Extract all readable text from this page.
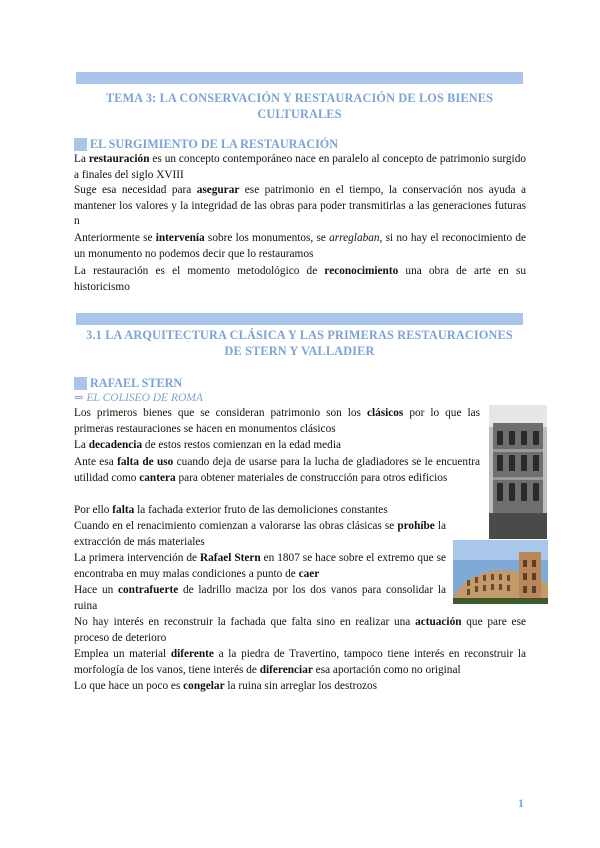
TEMA 3: LA CONSERVACIÓN Y RESTAURACIÓN DE LOS BIENES CULTURALES
EL SURGIMIENTO DE LA RESTAURACIÓN
La restauración es un concepto contemporáneo nace en paralelo al concepto de patrimonio surgido a finales del siglo XVIII
Suge esa necesidad para asegurar ese patrimonio en el tiempo, la conservación nos ayuda a mantener los valores y la integridad de las obras para poder transmitirlas a las generaciones futuras n
Anteriormente se intervenía sobre los monumentos, se arreglaban, si no hay el reconocimiento de un monumento no podemos decir que lo restauramos
La restauración es el momento metodológico de reconocimiento una obra de arte en su historicismo
3.1 LA ARQUITECTURA CLÁSICA Y LAS PRIMERAS RESTAURACIONES DE STERN Y VALLADIER
RAFAEL STERN
⇒ EL COLISEO DE ROMA
Los primeros bienes que se consideran patrimonio son los clásicos por lo que las primeras restauraciones se hacen en monumentos clásicos
La decadencia de estos restos comienzan en la edad media
Ante esa falta de uso cuando deja de usarse para la lucha de gladiadores se le encuentra utilidad como cantera para obtener materiales de construcción para otros edificios
Por ello falta la fachada exterior fruto de las demoliciones constantes
Cuando en el renacimiento comienzan a valorarse las obras clásicas se prohíbe la extracción de más materiales
La primera intervención de Rafael Stern en 1807 se hace sobre el extremo que se encontraba en muy malas condiciones a punto de caer
Hace un contrafuerte de ladrillo maciza por los dos vanos para consolidar la ruina
No hay interés en reconstruir la fachada que falta sino en realizar una actuación que pare ese proceso de deterioro
Emplea un material diferente a la piedra de Travertino, tampoco tiene interés en reconstruir la morfología de los vanos, tiene interés de diferenciar esa aportación como no original
Lo que hace un poco es congelar la ruina sin arreglar los destrozos
1
